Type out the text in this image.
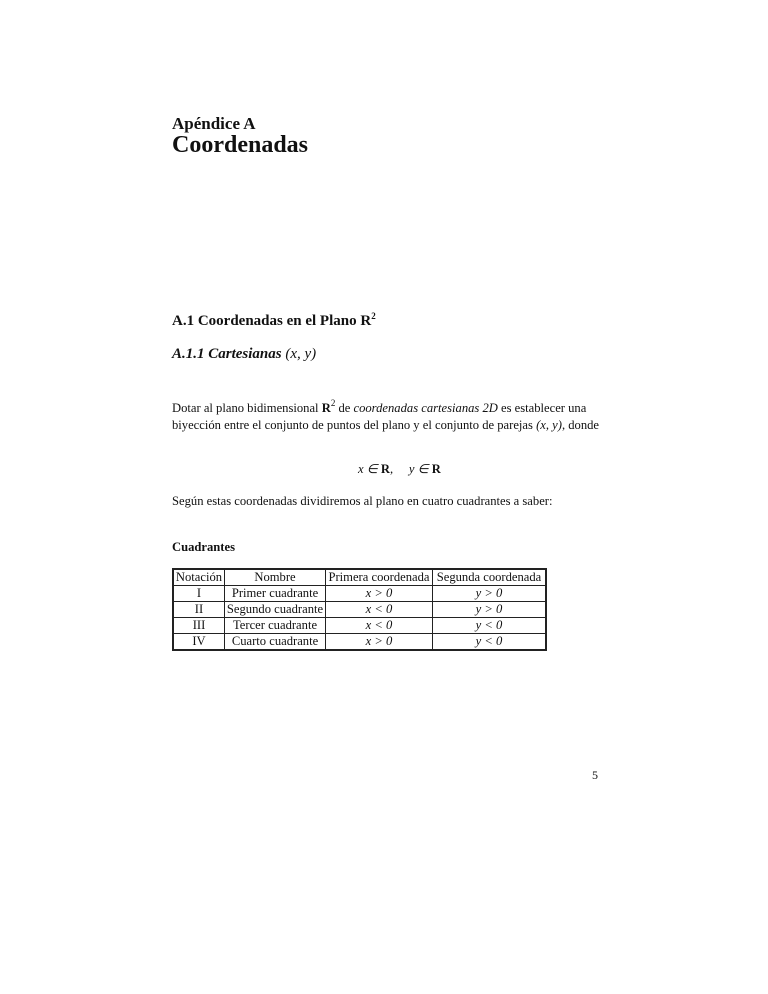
Apéndice A
Coordenadas
A.1 Coordenadas en el Plano $R^2$
A.1.1 Cartesianas (x, y)
Dotar al plano bidimensional $R^2$ de coordenadas cartesianas 2D es establecer una
biyección entre el conjunto de puntos del plano y el conjunto de parejas (x, y), donde
x ∈ R,     y ∈ R
Según estas coordenadas dividiremos al plano en cuatro cuadrantes a saber:
Cuadrantes
Notación	Nombre	Primera coordenada	Segunda coordenada
I	Primer cuadrante	x > 0	y > 0
II	Segundo cuadrante	x < 0	y > 0
III	Tercer cuadrante	x < 0	y < 0
IV	Cuarto cuadrante	x > 0	y < 0
5
